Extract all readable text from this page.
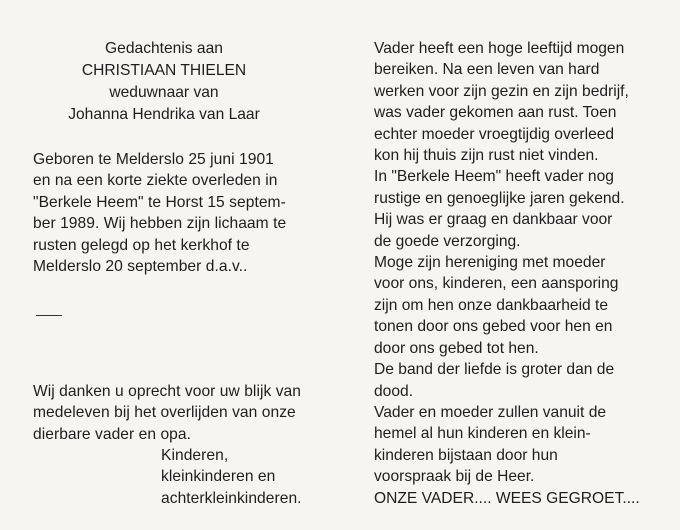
Gedachtenis aan
CHRISTIAAN THIELEN
weduwnaar van
Johanna Hendrika van Laar
Geboren te Melderslo 25 juni 1901
en na een korte ziekte overleden in
"Berkele Heem" te Horst 15 septem-
ber 1989. Wij hebben zijn lichaam te
rusten gelegd op het kerkhof te
Melderslo 20 september d.a.v..
Wij danken u oprecht voor uw blijk van
medeleven bij het overlijden van onze
dierbare vader en opa.
Kinderen,
kleinkinderen en
achterkleinkinderen.
Vader heeft een hoge leeftijd mogen
bereiken. Na een leven van hard
werken voor zijn gezin en zijn bedrijf,
was vader gekomen aan rust. Toen
echter moeder vroegtijdig overleed
kon hij thuis zijn rust niet vinden.
In "Berkele Heem" heeft vader nog
rustige en genoeglijke jaren gekend.
Hij was er graag en dankbaar voor
de goede verzorging.
Moge zijn hereniging met moeder
voor ons, kinderen, een aansporing
zijn om hen onze dankbaarheid te
tonen door ons gebed voor hen en
door ons gebed tot hen.
De band der liefde is groter dan de
dood.
Vader en moeder zullen vanuit de
hemel al hun kinderen en klein-
kinderen bijstaan door hun
voorspraak bij de Heer.
ONZE VADER.... WEES GEGROET....
